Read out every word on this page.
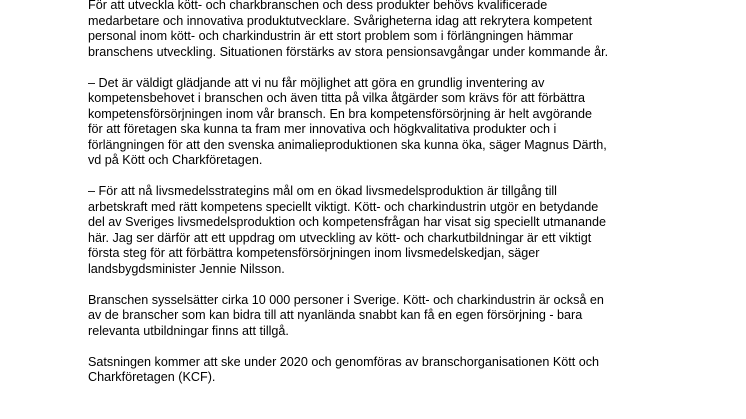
För att utveckla kött- och charkbranschen och dess produkter behövs kvalificerade
medarbetare och innovativa produktutvecklare. Svårigheterna idag att rekrytera kompetent
personal inom kött- och charkindustrin är ett stort problem som i förlängningen hämmar
branschens utveckling. Situationen förstärks av stora pensionsavgångar under kommande år.

– Det är väldigt glädjande att vi nu får möjlighet att göra en grundlig inventering av
kompetensbehovet i branschen och även titta på vilka åtgärder som krävs för att förbättra
kompetensförsörjningen inom vår bransch. En bra kompetensförsörjning är helt avgörande
för att företagen ska kunna ta fram mer innovativa och högkvalitativa produkter och i
förlängningen för att den svenska animalieproduktionen ska kunna öka, säger Magnus Därth,
vd på Kött och Charkföretagen.

– För att nå livsmedelsstrategins mål om en ökad livsmedelsproduktion är tillgång till
arbetskraft med rätt kompetens speciellt viktigt. Kött- och charkindustrin utgör en betydande
del av Sveriges livsmedelsproduktion och kompetensfrågan har visat sig speciellt utmanande
här. Jag ser därför att ett uppdrag om utveckling av kött- och charkutbildningar är ett viktigt
första steg för att förbättra kompetensförsörjningen inom livsmedelskedjan, säger
landsbygdsminister Jennie Nilsson.

Branschen sysselsätter cirka 10 000 personer i Sverige. Kött- och charkindustrin är också en
av de branscher som kan bidra till att nyanlända snabbt kan få en egen försörjning - bara
relevanta utbildningar finns att tillgå.

Satsningen kommer att ske under 2020 och genomföras av branschorganisationen Kött och
Charkföretagen (KCF).
